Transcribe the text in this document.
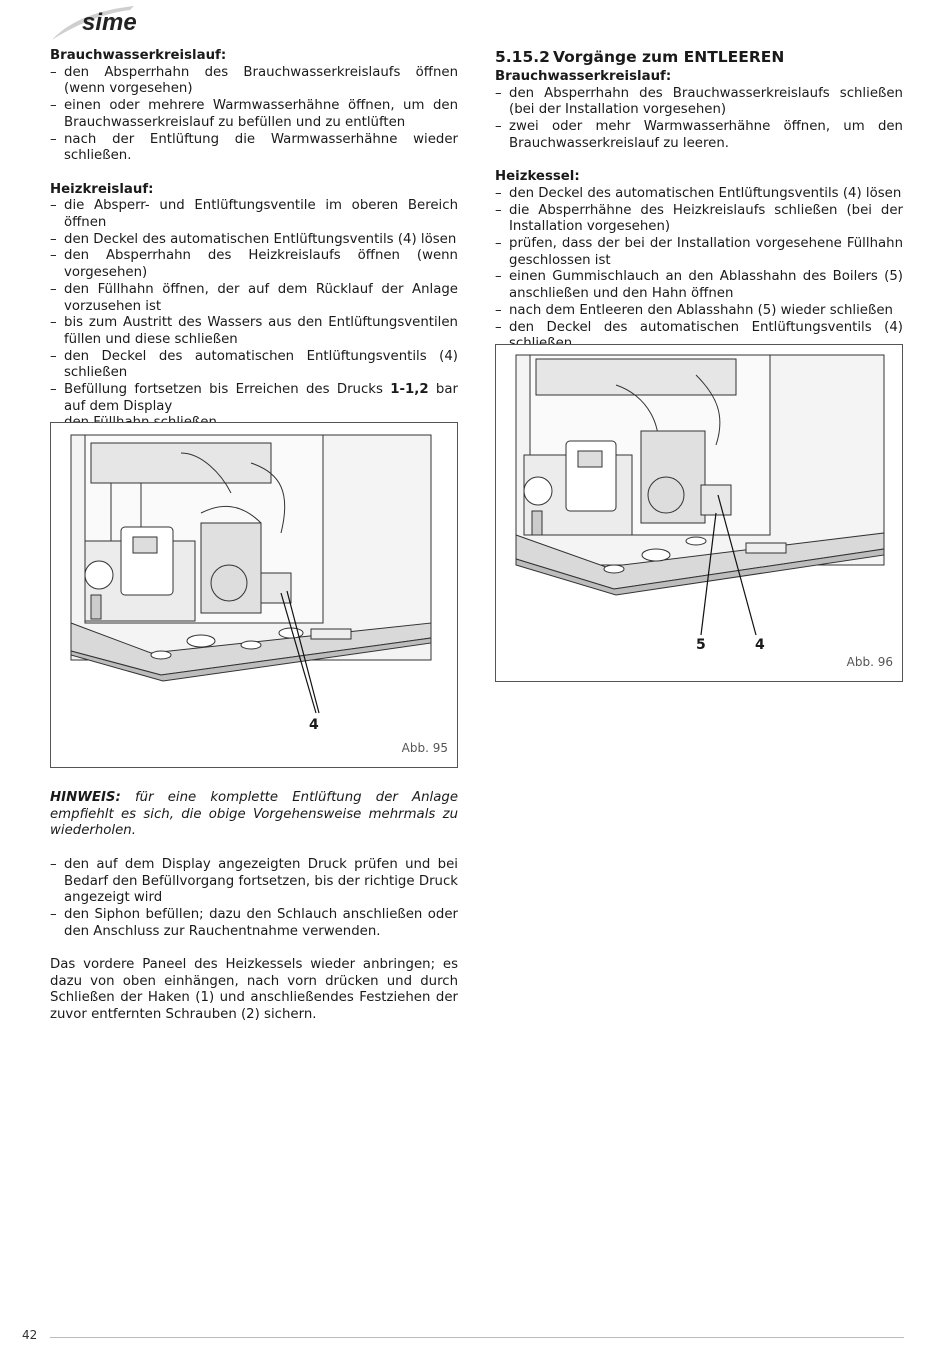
sime
Brauchwasserkreislauf:
– den Absperrhahn des Brauchwasserkreislaufs öffnen (wenn vorgesehen)
– einen oder mehrere Warmwasserhähne öffnen, um den Brauchwasserkreislauf zu befüllen und zu entlüften
– nach der Entlüftung die Warmwasserhähne wieder schließen.
Heizkreislauf:
– die Absperr- und Entlüftungsventile im oberen Bereich öffnen
– den Deckel des automatischen Entlüftungsventils (4) lösen
– den Absperrhahn des Heizkreislaufs öffnen (wenn vorgesehen)
– den Füllhahn öffnen, der auf dem Rücklauf der Anlage vorzusehen ist
– bis zum Austritt des Wassers aus den Entlüftungsventilen füllen und diese schließen
– den Deckel des automatischen Entlüftungsventils (4) schließen
– Befüllung fortsetzen bis Erreichen des Drucks 1-1,2 bar auf dem Display
–
–
4
Abb. 95
5.15.2 Vorgänge zum ENTLEEREN
Brauchwasserkreislauf:
– den Absperrhahn des Brauchwasserkreislaufs schließen (bei der Installation vorgesehen)
– zwei oder mehr Warmwasserhähne öffnen, um den Brauchwasserkreislauf zu leeren.
Heizkessel:
– den Deckel des automatischen Entlüftungsventils (4) lösen
– die Absperrhähne des Heizkreislaufs schließen (bei der Installation vorgesehen)
– prüfen, dass der bei der Installation vorgesehene Füllhahn geschlossen ist
– einen Gummischlauch an den Ablasshahn des Boilers (5) anschließen und den Hahn öffnen
– nach dem Entleeren den Ablasshahn (5) wieder schließen
– den Deckel des automatischen Entlüftungsventils (4)
5	4
Abb. 96
HINWEIS: für eine komplette Entlüftung der Anlage empfiehlt es sich, die obige Vorgehensweise mehrmals zu wiederholen.
– den auf dem Display angezeigten Druck prüfen und bei Bedarf den Befüllvorgang fortsetzen, bis der richtige Druck angezeigt wird
– den Siphon befüllen; dazu den Schlauch anschließen oder den Anschluss zur Rauchentnahme verwenden.
Das vordere Paneel des Heizkessels wieder anbringen; es dazu von oben einhängen, nach vorn drücken und durch Schließen der Haken (1) und anschließendes Festziehen der zuvor entfernten Schrauben (2) sichern.
42
